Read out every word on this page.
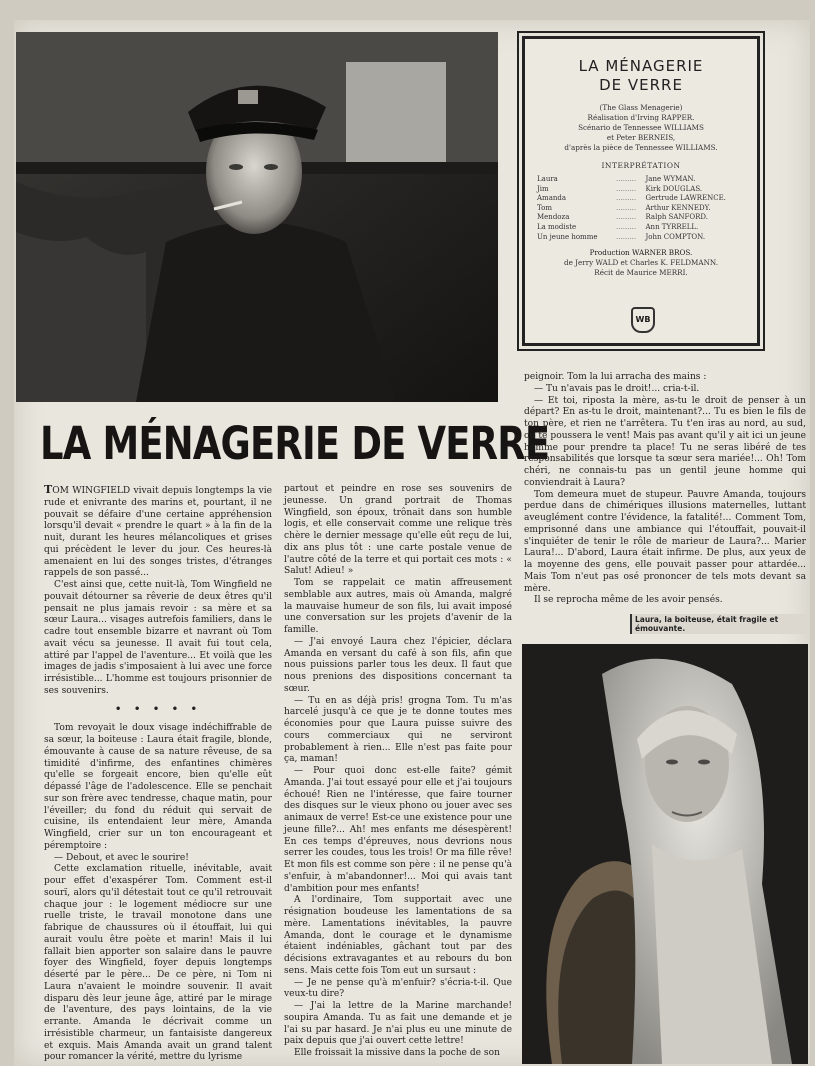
LA MÉNAGERIE
DE VERRE
(The Glass Menagerie)
Réalisation d'Irving RAPPER.
Scénario de Tennessee WILLIAMS
et Peter BERNEIS,
d'après la pièce de Tennessee WILLIAMS.
INTERPRÉTATION
Laura	.........	Jane WYMAN.
Jim	.........	Kirk DOUGLAS.
Amanda	.........	Gertrude LAWRENCE.
Tom	.........	Arthur KENNEDY.
Mendoza	.........	Ralph SANFORD.
La modiste	.........	Ann TYRRELL.
Un jeune homme	.........	John COMPTON.
Production WARNER BROS.
de Jerry WALD et Charles K. FELDMANN.
Récit de Maurice MERRI.
WB
LA MÉNAGERIE DE VERRE

TOM WINGFIELD vivait depuis longtemps la vie rude et enivrante des marins et, pourtant, il ne pouvait se défaire d'une certaine appréhension lorsqu'il devait « prendre le quart » à la fin de la nuit, durant les heures mélancoliques et grises qui précèdent le lever du jour. Ces heures-là amenaient en lui des songes tristes, d'étranges rappels de son passé...

C'est ainsi que, cette nuit-là, Tom Wingfield ne pouvait détourner sa rêverie de deux êtres qu'il pensait ne plus jamais revoir : sa mère et sa sœur Laura... visages autrefois familiers, dans le cadre tout ensemble bizarre et navrant où Tom avait vécu sa jeunesse. Il avait fui tout cela, attiré par l'appel de l'aventure... Et voilà que les images de jadis s'imposaient à lui avec une force irrésistible... L'homme est toujours prisonnier de ses souvenirs.

• • • • •

Tom revoyait le doux visage indéchiffrable de sa sœur, la boiteuse : Laura était fragile, blonde, émouvante à cause de sa nature rêveuse, de sa timidité d'infirme, des enfantines chimères qu'elle se forgeait encore, bien qu'elle eût dépassé l'âge de l'adolescence. Elle se penchait sur son frère avec tendresse, chaque matin, pour l'éveiller; du fond du réduit qui servait de cuisine, ils entendaient leur mère, Amanda Wingfield, crier sur un ton encourageant et péremptoire :

— Debout, et avec le sourire!

Cette exclamation rituelle, inévitable, avait pour effet d'exaspérer Tom. Comment est-il sourï, alors qu'il détestait tout ce qu'il retrouvait chaque jour : le logement médiocre sur une ruelle triste, le travail monotone dans une fabrique de chaussures où il étouffait, lui qui aurait voulu être poète et marin! Mais il lui fallait bien apporter son salaire dans le pauvre foyer des Wingfield, foyer depuis longtemps déserté par le père... De ce père, ni Tom ni Laura n'avaient le moindre souvenir. Il avait disparu dès leur jeune âge, attiré par le mirage de l'aventure, des pays lointains, de la vie errante. Amanda le décrivait comme un irrésistible charmeur, un fantaisiste dangereux et exquis. Mais Amanda avait un grand talent pour romancer la vérité, mettre du lyrisme

partout et peindre en rose ses souvenirs de jeunesse. Un grand portrait de Thomas Wingfield, son époux, trônait dans son humble logis, et elle conservait comme une relique très chère le dernier message qu'elle eût reçu de lui, dix ans plus tôt : une carte postale venue de l'autre côté de la terre et qui portait ces mots : « Salut! Adieu! »

Tom se rappelait ce matin affreusement semblable aux autres, mais où Amanda, malgré la mauvaise humeur de son fils, lui avait imposé une conversation sur les projets d'avenir de la famille.

— J'ai envoyé Laura chez l'épicier, déclara Amanda en versant du café à son fils, afin que nous puissions parler tous les deux. Il faut que nous prenions des dispositions concernant ta sœur.

— Tu en as déjà pris! grogna Tom. Tu m'as harcelé jusqu'à ce que je te donne toutes mes économies pour que Laura puisse suivre des cours commerciaux qui ne serviront probablement à rien... Elle n'est pas faite pour ça, maman!

— Pour quoi donc est-elle faite? gémit Amanda. J'ai tout essayé pour elle et j'ai toujours échoué! Rien ne l'intéresse, que faire tourner des disques sur le vieux phono ou jouer avec ses animaux de verre! Est-ce une existence pour une jeune fille?... Ah! mes enfants me désespèrent! En ces temps d'épreuves, nous devrions nous serrer les coudes, tous les trois! Or ma fille rêve! Et mon fils est comme son père : il ne pense qu'à s'enfuir, à m'abandonner!... Moi qui avais tant d'ambition pour mes enfants!

A l'ordinaire, Tom supportait avec une résignation boudeuse les lamentations de sa mère. Lamentations inévitables, la pauvre Amanda, dont le courage et le dynamisme étaient indéniables, gâchant tout par des décisions extravagantes et au rebours du bon sens. Mais cette fois Tom eut un sursaut :

— Je ne pense qu'à m'enfuir? s'écria-t-il. Que veux-tu dire?

— J'ai la lettre de la Marine marchande! soupira Amanda. Tu as fait une demande et je l'ai su par hasard. Je n'ai plus eu une minute de paix depuis que j'ai ouvert cette lettre!

Elle froissait la missive dans la poche de son

peignoir. Tom la lui arracha des mains :

— Tu n'avais pas le droit!... cria-t-il.

— Et toi, riposta la mère, as-tu le droit de penser à un départ? En as-tu le droit, maintenant?... Tu es bien le fils de ton père, et rien ne t'arrêtera. Tu t'en iras au nord, au sud, où te poussera le vent! Mais pas avant qu'il y ait ici un jeune homme pour prendre ta place! Tu ne seras libéré de tes responsabilités que lorsque ta sœur sera mariée!... Oh! Tom chéri, ne connais-tu pas un gentil jeune homme qui conviendrait à Laura?

Tom demeura muet de stupeur. Pauvre Amanda, toujours perdue dans de chimériques illusions maternelles, luttant aveuglément contre l'évidence, la fatalité!... Comment Tom, emprisonné dans une ambiance qui l'étouffait, pouvait-il s'inquiéter de tenir le rôle de marieur de Laura?... Marier Laura!... D'abord, Laura était infirme. De plus, aux yeux de la moyenne des gens, elle pouvait passer pour attardée... Mais Tom n'eut pas osé prononcer de tels mots devant sa mère.

Il se reprocha même de les avoir pensés.

Laura, la boiteuse, était fragile et émouvante.
